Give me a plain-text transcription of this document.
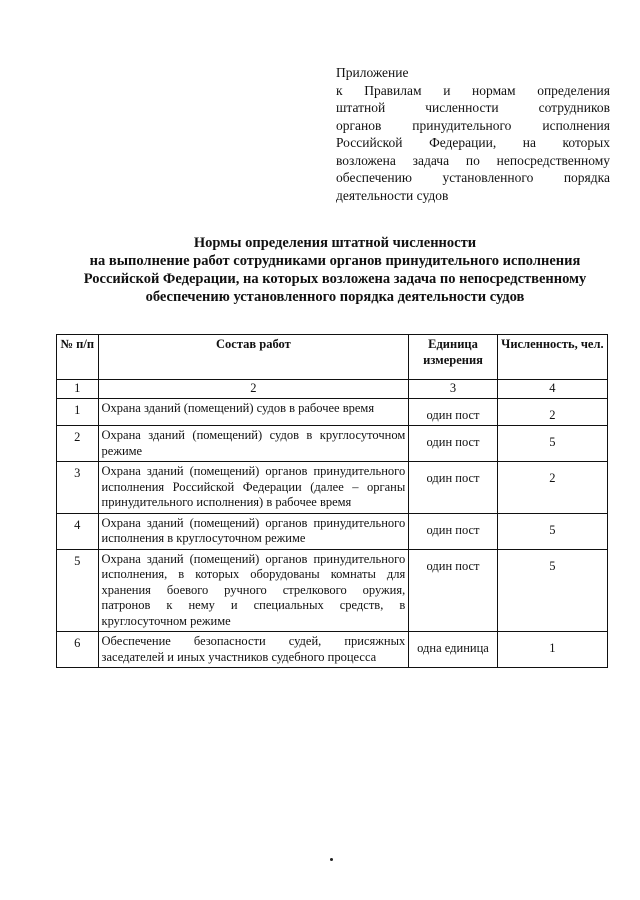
Приложение
к Правилам и нормам определения
штатной численности сотрудников
органов принудительного исполнения
Российской Федерации, на которых
возложена задача по непосредственному
обеспечению установленного порядка
деятельности судов
Нормы определения штатной численности
на выполнение работ сотрудниками органов принудительного исполнения
Российской Федерации, на которых возложена задача по непосредственному
обеспечению установленного порядка деятельности судов
№ п/п	Состав работ	Единица измерения	Численность, чел.
1	2	3	4
1	Охрана зданий (помещений) судов в рабочее время	один пост	2
2	Охрана зданий (помещений) судов в круглосуточном режиме	один пост	5
3	Охрана зданий (помещений) органов принудительного исполнения Российской Федерации (далее – органы принудительного исполнения) в рабочее время	один пост	2
4	Охрана зданий (помещений) органов принудительного исполнения в круглосуточном режиме	один пост	5
5	Охрана зданий (помещений) органов принудительного исполнения, в которых оборудованы комнаты для хранения боевого ручного стрелкового оружия, патронов к нему и специальных средств, в круглосуточном режиме	один пост	5
6	Обеспечение безопасности судей, присяжных заседателей и иных участников судебного процесса	одна единица	1
